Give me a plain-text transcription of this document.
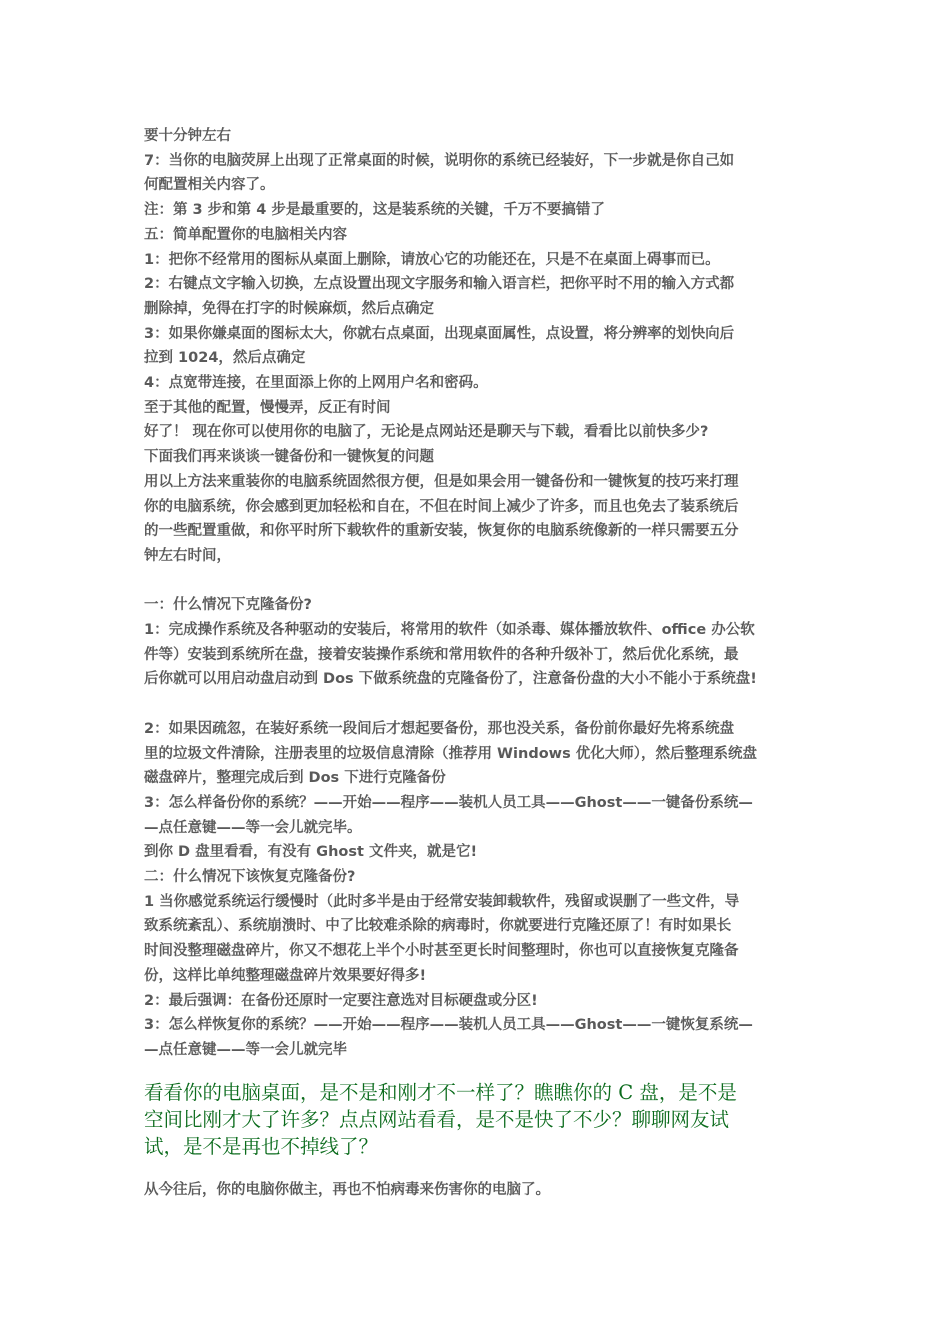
要十分钟左右

7：当你的电脑荧屏上出现了正常桌面的时候，说明你的系统已经装好，下一步就是你自己如

何配置相关内容了。

注：第 3 步和第 4 步是最重要的，这是装系统的关键，千万不要搞错了

五：简单配置你的电脑相关内容

1：把你不经常用的图标从桌面上删除，请放心它的功能还在，只是不在桌面上碍事而已。

2：右键点文字输入切换，左点设置出现文字服务和输入语言栏，把你平时不用的输入方式都

删除掉，免得在打字的时候麻烦，然后点确定

3：如果你嫌桌面的图标太大，你就右点桌面，出现桌面属性，点设置，将分辨率的划快向后

拉到 1024，然后点确定

4：点宽带连接，在里面添上你的上网用户名和密码。

至于其他的配置，慢慢弄，反正有时间

好了！ 现在你可以使用你的电脑了，无论是点网站还是聊天与下载，看看比以前快多少?

下面我们再来谈谈一键备份和一键恢复的问题

用以上方法来重装你的电脑系统固然很方便，但是如果会用一键备份和一键恢复的技巧来打理

你的电脑系统，你会感到更加轻松和自在，不但在时间上减少了许多，而且也免去了装系统后

的一些配置重做，和你平时所下载软件的重新安装，恢复你的电脑系统像新的一样只需要五分

钟左右时间，

一：什么情况下克隆备份?

1：完成操作系统及各种驱动的安装后，将常用的软件（如杀毒、媒体播放软件、office 办公软

件等）安装到系统所在盘，接着安装操作系统和常用软件的各种升级补丁，然后优化系统，最

后你就可以用启动盘启动到 Dos 下做系统盘的克隆备份了，注意备份盘的大小不能小于系统盘!

2：如果因疏忽，在装好系统一段间后才想起要备份，那也没关系，备份前你最好先将系统盘

里的垃圾文件清除，注册表里的垃圾信息清除（推荐用 Windows 优化大师），然后整理系统盘

磁盘碎片，整理完成后到 Dos 下进行克隆备份

3：怎么样备份你的系统？——开始——程序——装机人员工具——Ghost——一键备份系统—

—点任意键——等一会儿就完毕。

到你 D 盘里看看，有没有 Ghost 文件夹，就是它!

二：什么情况下该恢复克隆备份?

1 当你感觉系统运行缓慢时（此时多半是由于经常安装卸载软件，残留或误删了一些文件，导

致系统紊乱）、系统崩溃时、中了比较难杀除的病毒时，你就要进行克隆还原了！有时如果长

时间没整理磁盘碎片，你又不想花上半个小时甚至更长时间整理时，你也可以直接恢复克隆备

份，这样比单纯整理磁盘碎片效果要好得多!

2：最后强调：在备份还原时一定要注意选对目标硬盘或分区!

3：怎么样恢复你的系统？——开始——程序——装机人员工具——Ghost——一键恢复系统—

—点任意键——等一会儿就完毕

看看你的电脑桌面，是不是和刚才不一样了？瞧瞧你的 C 盘，是不是

空间比刚才大了许多？点点网站看看，是不是快了不少？聊聊网友试

试，是不是再也不掉线了？

从今往后，你的电脑你做主，再也不怕病毒来伤害你的电脑了。
